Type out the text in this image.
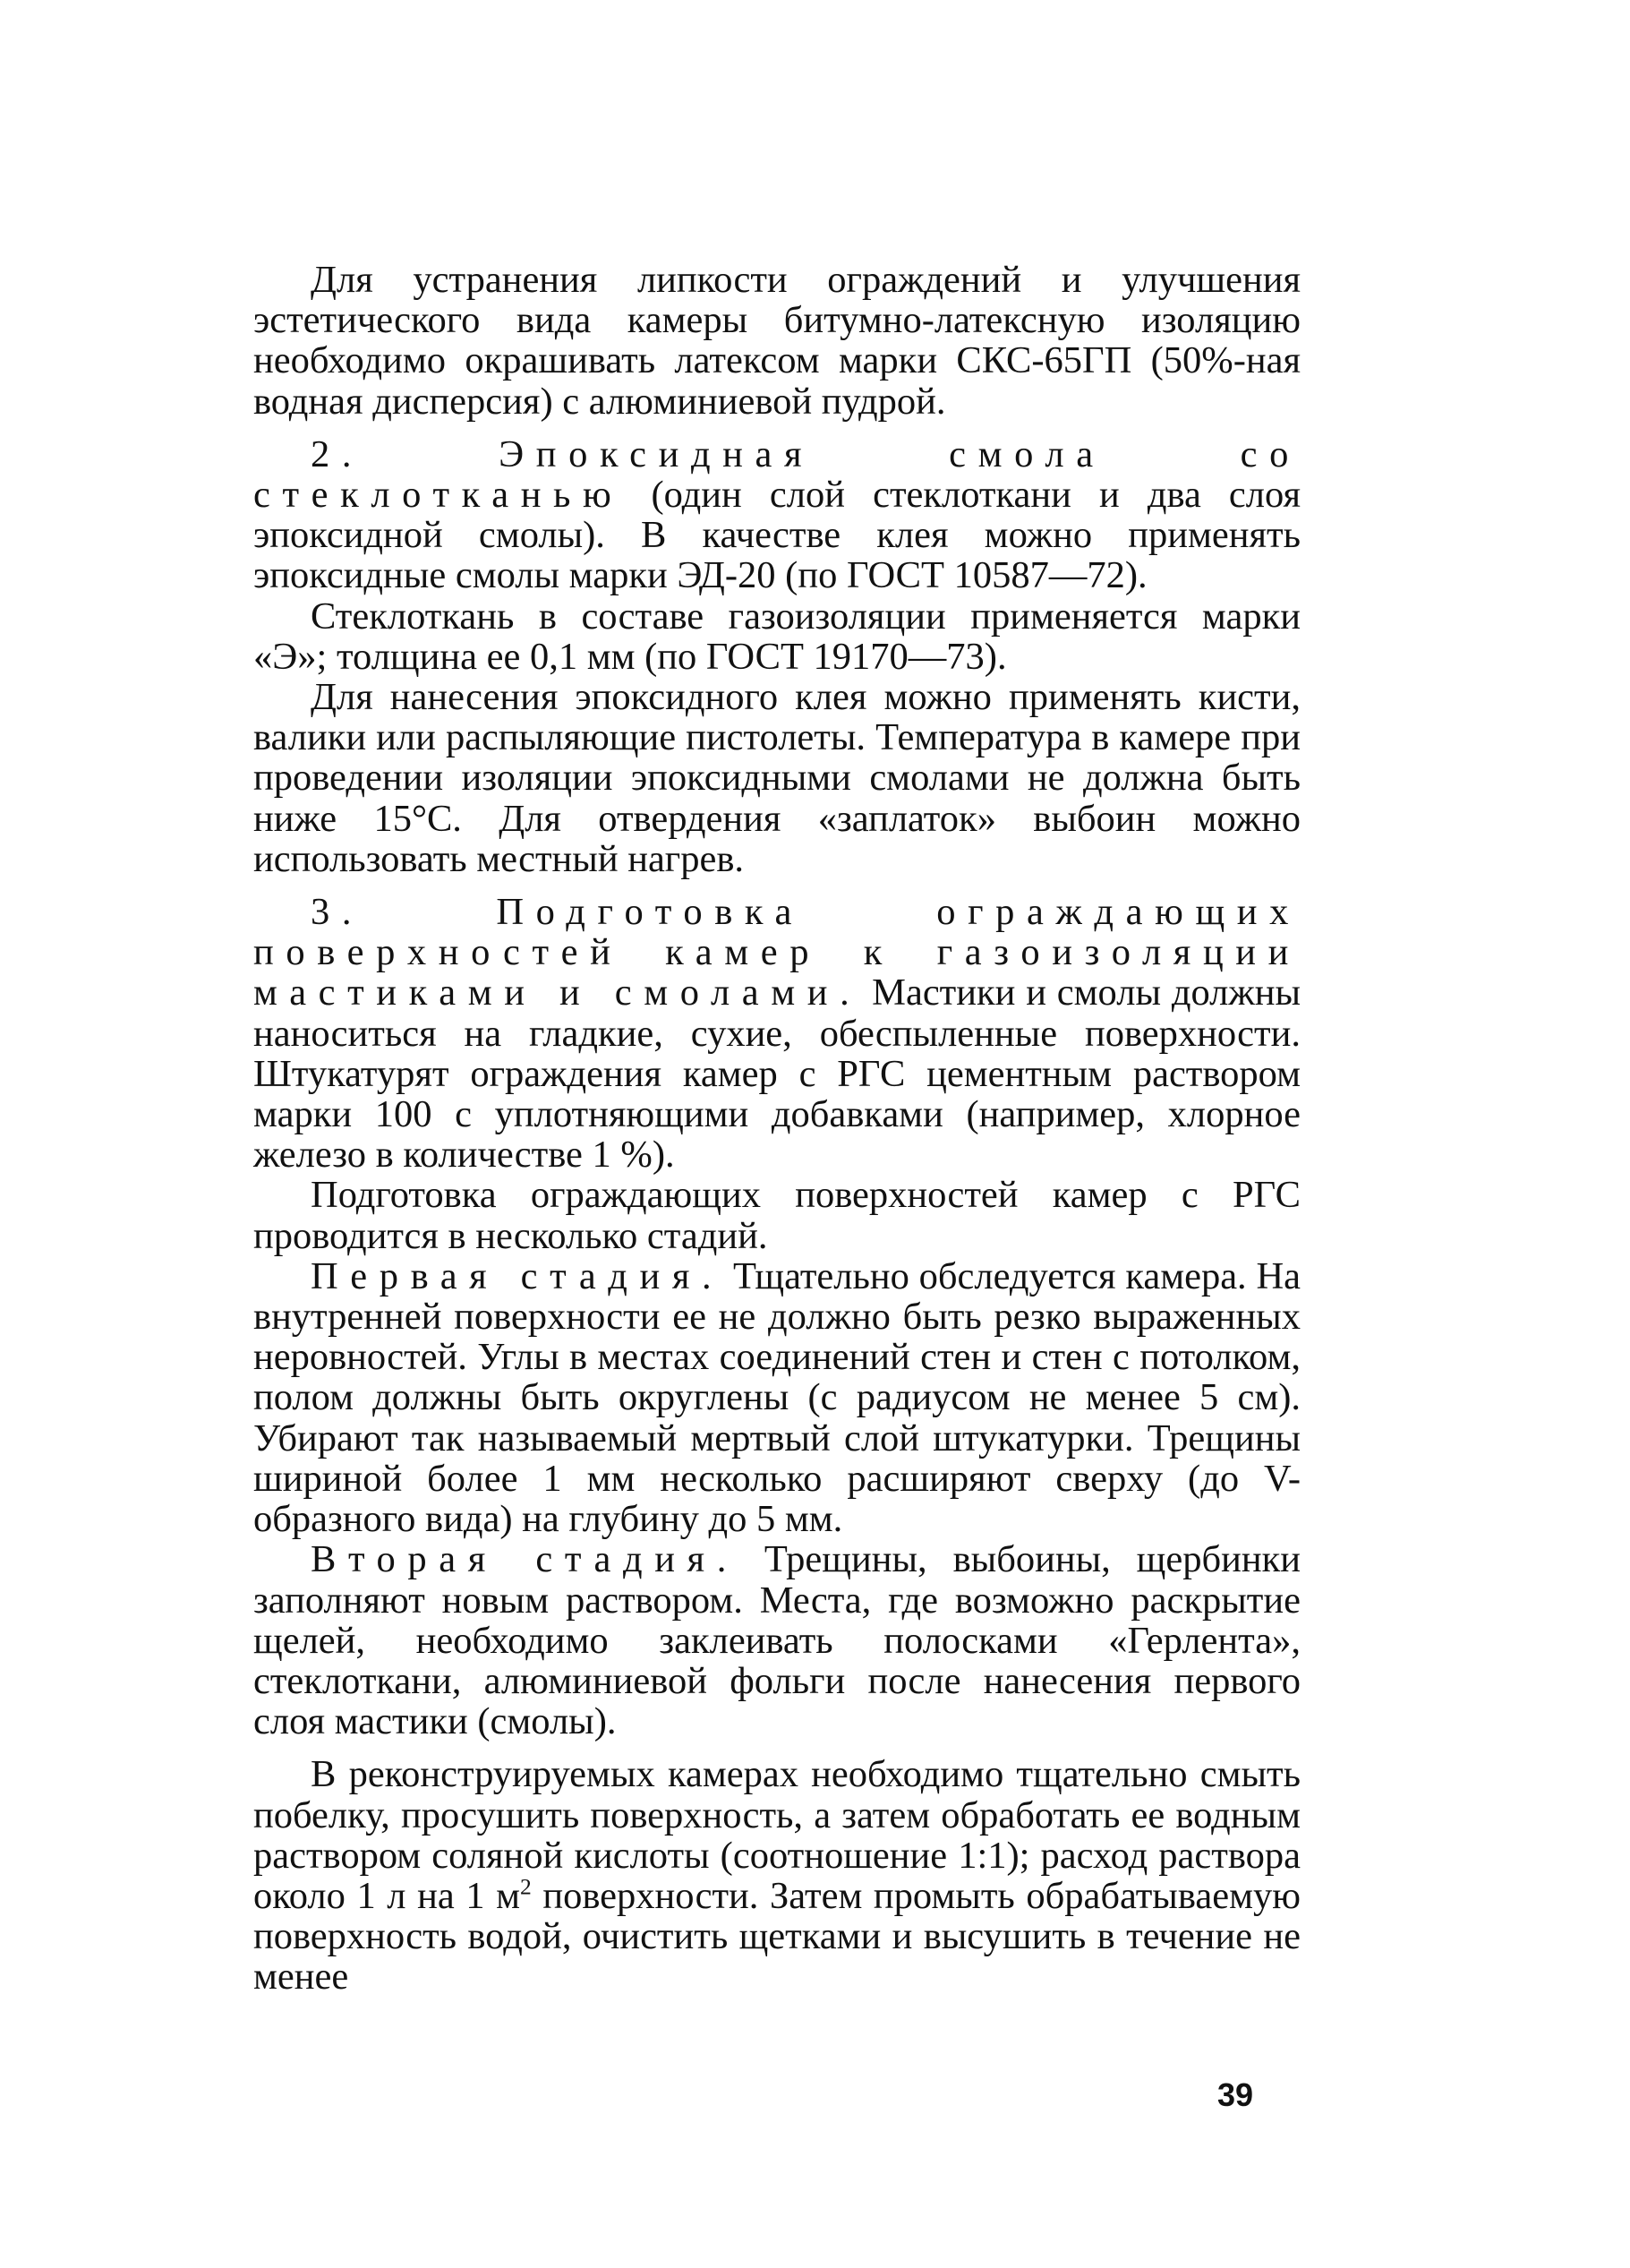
Для устранения липкости ограждений и улучшения эстетического вида камеры битумно-латексную изоляцию необходимо окрашивать латексом марки СКС-65ГП (50%-ная водная дисперсия) с алюминиевой пудрой.

2. Эпоксидная смола со стеклотканью (один слой стеклоткани и два слоя эпоксидной смолы). В качестве клея можно применять эпоксидные смолы марки ЭД-20 (по ГОСТ 10587—72).

Стеклоткань в составе газоизоляции применяется марки «Э»; толщина ее 0,1 мм (по ГОСТ 19170—73).

Для нанесения эпоксидного клея можно применять кисти, валики или распыляющие пистолеты. Температура в камере при проведении изоляции эпоксидными смолами не должна быть ниже 15°С. Для отвердения «заплаток» выбоин можно использовать местный нагрев.

3. Подготовка ограждающих поверхностей камер к газоизоляции мастиками и смолами. Мастики и смолы должны наноситься на гладкие, сухие, обеспыленные поверхности. Штукатурят ограждения камер с РГС цементным раствором марки 100 с уплотняющими добавками (например, хлорное железо в количестве 1 %).

Подготовка ограждающих поверхностей камер с РГС проводится в несколько стадий.

Первая стадия. Тщательно обследуется камера. На внутренней поверхности ее не должно быть резко выраженных неровностей. Углы в местах соединений стен и стен с потолком, полом должны быть округлены (с радиусом не менее 5 см). Убирают так называемый мертвый слой штукатурки. Трещины шириной более 1 мм несколько расширяют сверху (до V-образного вида) на глубину до 5 мм.

Вторая стадия. Трещины, выбоины, щербинки заполняют новым раствором. Места, где возможно раскрытие щелей, необходимо заклеивать полосками «Герлента», стеклоткани, алюминиевой фольги после нанесения первого слоя мастики (смолы).

В реконструируемых камерах необходимо тщательно смыть побелку, просушить поверхность, а затем обработать ее водным раствором соляной кислоты (соотношение 1:1); расход раствора около 1 л на 1 $м^2$ поверхности. Затем промыть обрабатываемую поверхность водой, очистить щетками и высушить в течение не менее

39
